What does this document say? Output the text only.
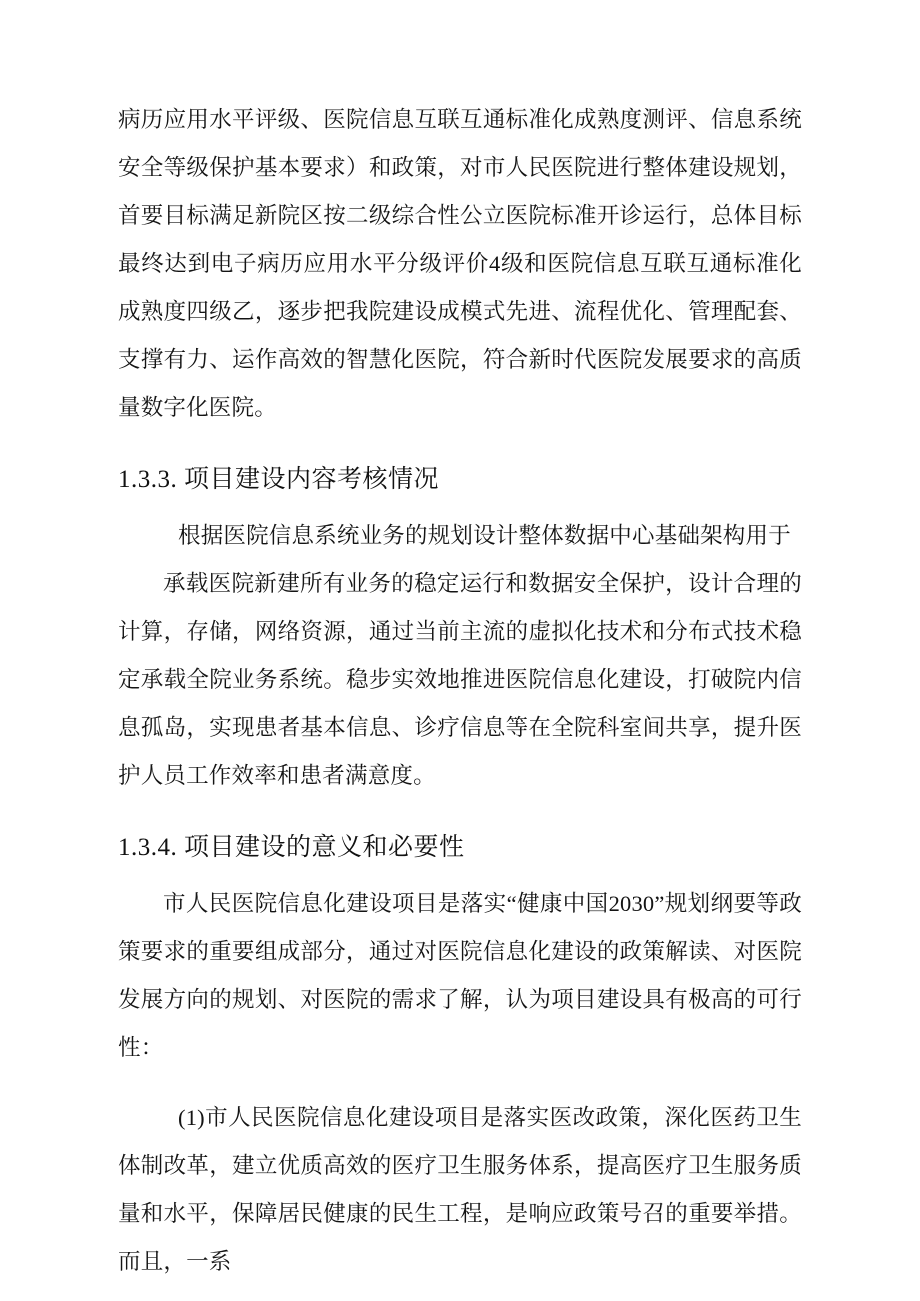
病历应用水平评级、医院信息互联互通标准化成熟度测评、信息系统安全等级保护基本要求）和政策，对市人民医院进行整体建设规划，首要目标满足新院区按二级综合性公立医院标准开诊运行，总体目标最终达到电子病历应用水平分级评价4级和医院信息互联互通标准化成熟度四级乙，逐步把我院建设成模式先进、流程优化、管理配套、支撑有力、运作高效的智慧化医院，符合新时代医院发展要求的高质量数字化医院。

1.3.3. 项目建设内容考核情况

根据医院信息系统业务的规划设计整体数据中心基础架构用于

承载医院新建所有业务的稳定运行和数据安全保护，设计合理的计算，存储，网络资源，通过当前主流的虚拟化技术和分布式技术稳定承载全院业务系统。稳步实效地推进医院信息化建设，打破院内信息孤岛，实现患者基本信息、诊疗信息等在全院科室间共享，提升医护人员工作效率和患者满意度。

1.3.4. 项目建设的意义和必要性

市人民医院信息化建设项目是落实“健康中国2030”规划纲要等政策要求的重要组成部分，通过对医院信息化建设的政策解读、对医院发展方向的规划、对医院的需求了解，认为项目建设具有极高的可行性：

(1)市人民医院信息化建设项目是落实医改政策，深化医药卫生体制改革，建立优质高效的医疗卫生服务体系，提高医疗卫生服务质量和水平，保障居民健康的民生工程，是响应政策号召的重要举措。而且，一系
